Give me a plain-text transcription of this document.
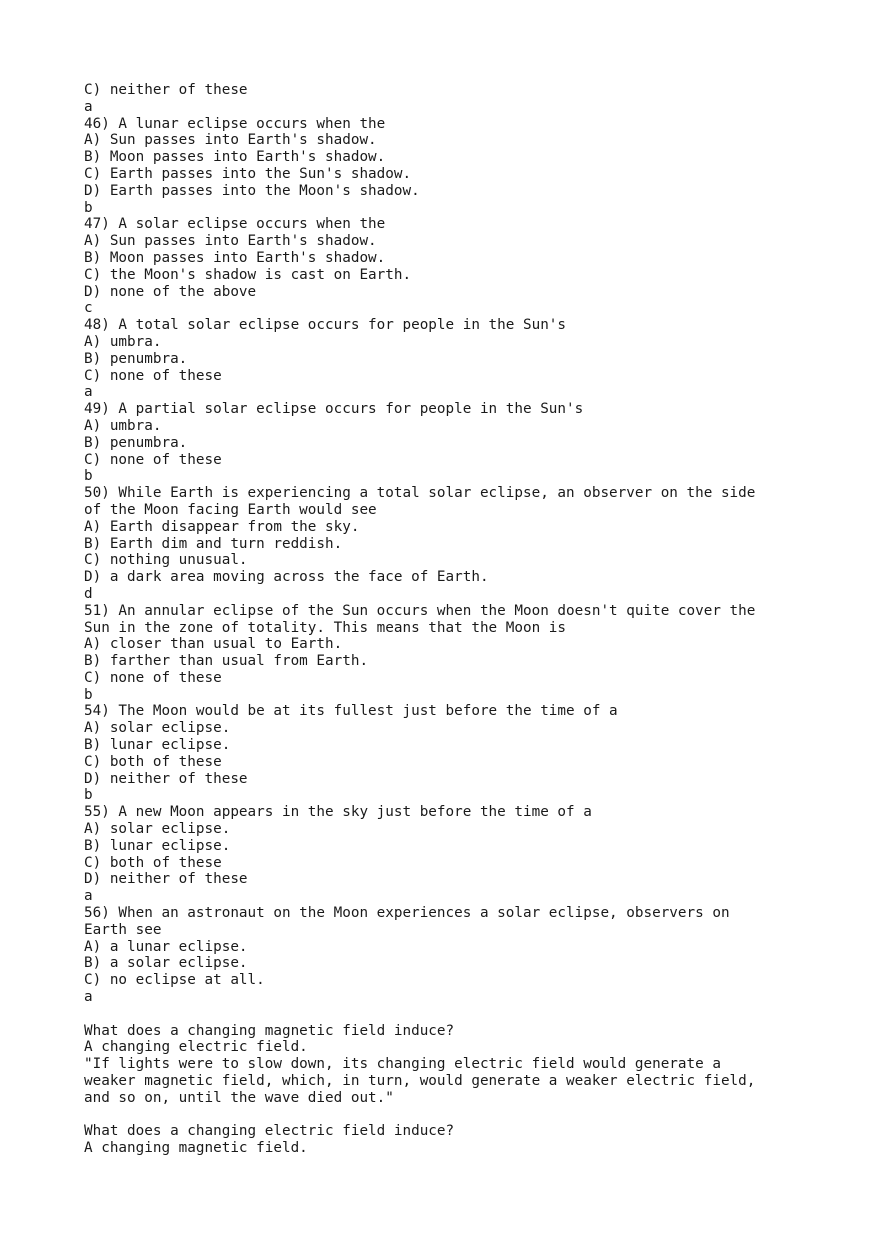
C) neither of these
a
46) A lunar eclipse occurs when the
A) Sun passes into Earth's shadow.
B) Moon passes into Earth's shadow.
C) Earth passes into the Sun's shadow.
D) Earth passes into the Moon's shadow.
b
47) A solar eclipse occurs when the
A) Sun passes into Earth's shadow.
B) Moon passes into Earth's shadow.
C) the Moon's shadow is cast on Earth.
D) none of the above
c
48) A total solar eclipse occurs for people in the Sun's
A) umbra.
B) penumbra.
C) none of these
a
49) A partial solar eclipse occurs for people in the Sun's
A) umbra.
B) penumbra.
C) none of these
b
50) While Earth is experiencing a total solar eclipse, an observer on the side
of the Moon facing Earth would see
A) Earth disappear from the sky.
B) Earth dim and turn reddish.
C) nothing unusual.
D) a dark area moving across the face of Earth.
d
51) An annular eclipse of the Sun occurs when the Moon doesn't quite cover the
Sun in the zone of totality. This means that the Moon is
A) closer than usual to Earth.
B) farther than usual from Earth.
C) none of these
b
54) The Moon would be at its fullest just before the time of a
A) solar eclipse.
B) lunar eclipse.
C) both of these
D) neither of these
b
55) A new Moon appears in the sky just before the time of a
A) solar eclipse.
B) lunar eclipse.
C) both of these
D) neither of these
a
56) When an astronaut on the Moon experiences a solar eclipse, observers on
Earth see
A) a lunar eclipse.
B) a solar eclipse.
C) no eclipse at all.
a
What does a changing magnetic field induce?
A changing electric field.
"If lights were to slow down, its changing electric field would generate a
weaker magnetic field, which, in turn, would generate a weaker electric field,
and so on, until the wave died out."
What does a changing electric field induce?
A changing magnetic field.
